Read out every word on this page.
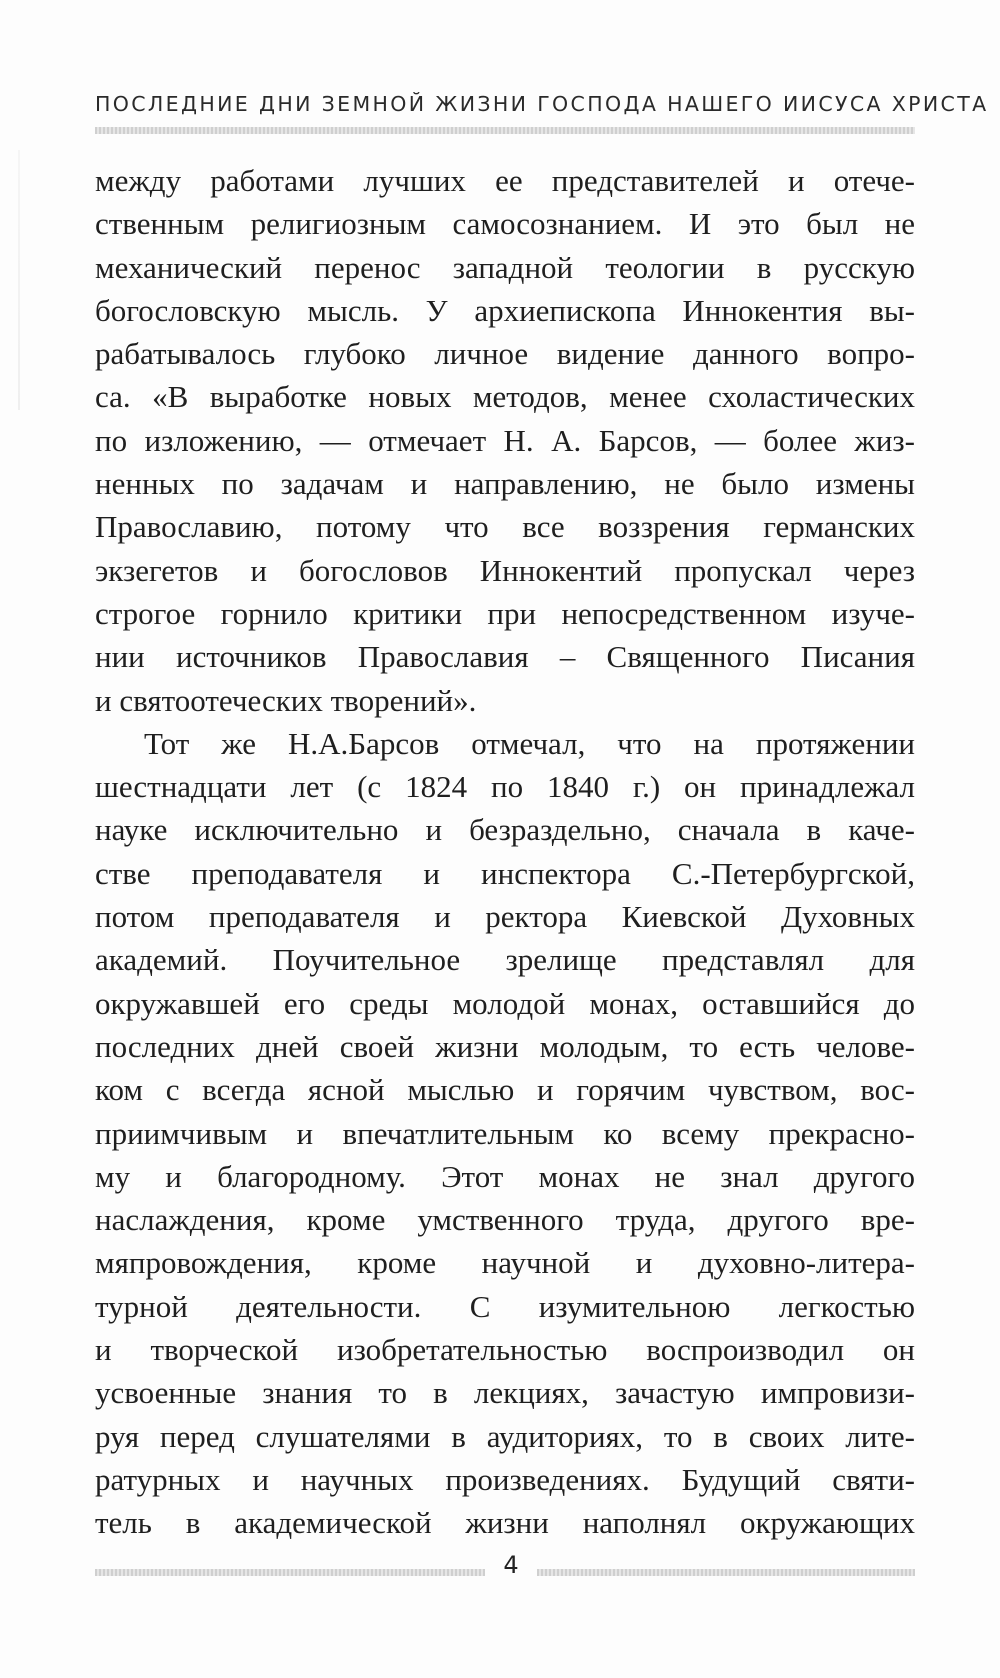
ПОСЛЕДНИЕ ДНИ ЗЕМНОЙ ЖИЗНИ ГОСПОДА НАШЕГО ИИСУСА ХРИСТА
между работами лучших ее представителей и отече-
ственным религиозным самосознанием. И это был не
механический перенос западной теологии в русскую
богословскую мысль. У архиепископа Иннокентия вы-
рабатывалось глубоко личное видение данного вопро-
са. «В выработке новых методов, менее схоластических
по изложению, — отмечает Н. А. Барсов, — более жиз-
ненных по задачам и направлению, не было измены
Православию, потому что все воззрения германских
экзегетов и богословов Иннокентий пропускал через
строгое горнило критики при непосредственном изуче-
нии источников Православия – Священного Писания
и святоотеческих творений».
Тот же Н.А.Барсов отмечал, что на протяжении
шестнадцати лет (с 1824 по 1840 г.) он принадлежал
науке исключительно и безраздельно, сначала в каче-
стве преподавателя и инспектора С.-Петербургской,
потом преподавателя и ректора Киевской Духовных
академий. Поучительное зрелище представлял для
окружавшей его среды молодой монах, оставшийся до
последних дней своей жизни молодым, то есть челове-
ком с всегда ясной мыслью и горячим чувством, вос-
приимчивым и впечатлительным ко всему прекрасно-
му и благородному. Этот монах не знал другого
наслаждения, кроме умственного труда, другого вре-
мяпровождения, кроме научной и духовно-литера-
турной деятельности. С изумительною легкостью
и творческой изобретательностью воспроизводил он
усвоенные знания то в лекциях, зачастую импровизи-
руя перед слушателями в аудиториях, то в своих лите-
ратурных и научных произведениях. Будущий святи-
тель в академической жизни наполнял окружающих
4
